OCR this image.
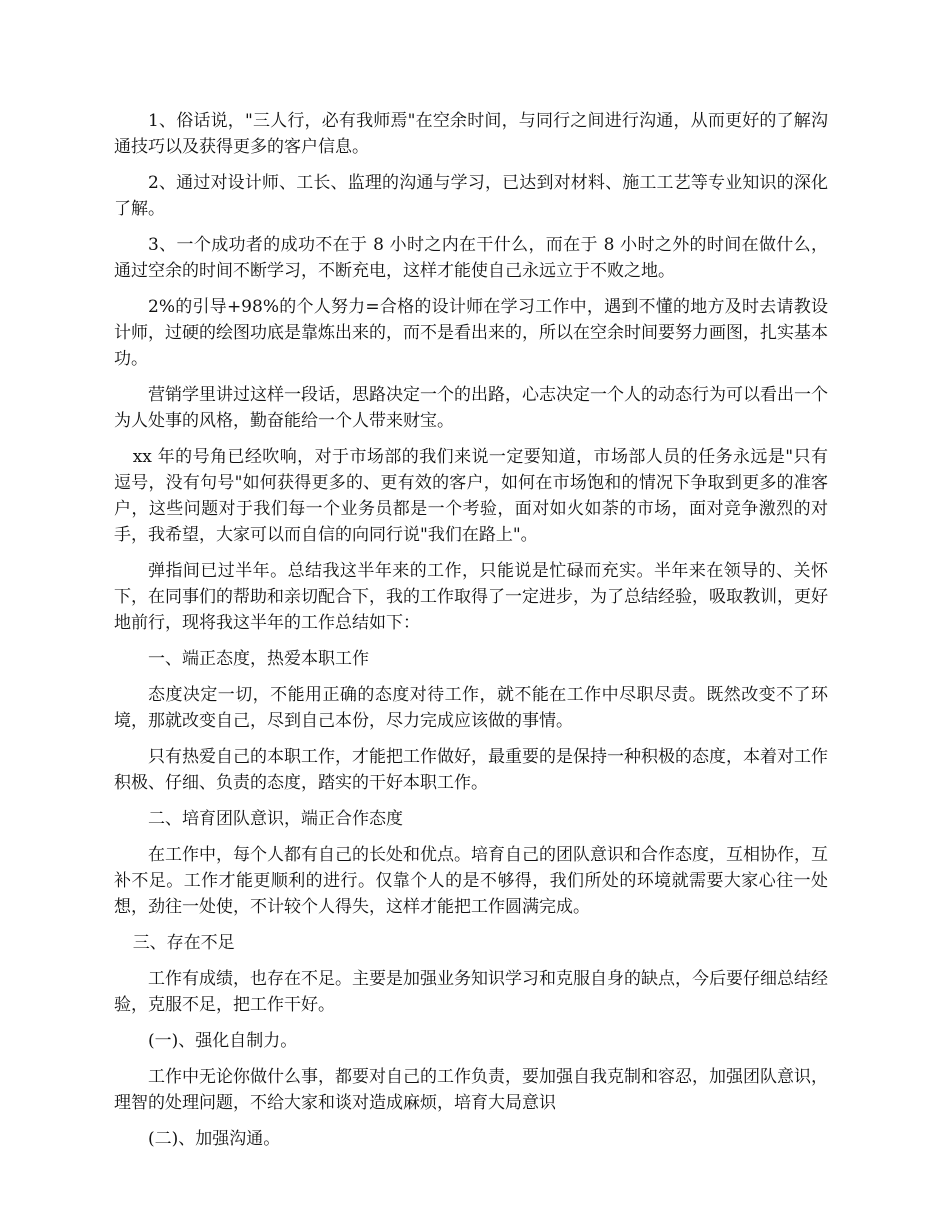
1、俗话说，"三人行，必有我师焉"在空余时间，与同行之间进行沟通，从而更好的了解沟通技巧以及获得更多的客户信息。

2、通过对设计师、工长、监理的沟通与学习，已达到对材料、施工工艺等专业知识的深化了解。

3、一个成功者的成功不在于 8 小时之内在干什么，而在于 8 小时之外的时间在做什么，通过空余的时间不断学习，不断充电，这样才能使自己永远立于不败之地。

2%的引导+98%的个人努力=合格的设计师在学习工作中，遇到不懂的地方及时去请教设计师，过硬的绘图功底是靠炼出来的，而不是看出来的，所以在空余时间要努力画图，扎实基本功。

营销学里讲过这样一段话，思路决定一个的出路，心志决定一个人的动态行为可以看出一个为人处事的风格，勤奋能给一个人带来财宝。

xx 年的号角已经吹响，对于市场部的我们来说一定要知道，市场部人员的任务永远是"只有逗号，没有句号"如何获得更多的、更有效的客户，如何在市场饱和的情况下争取到更多的准客户，这些问题对于我们每一个业务员都是一个考验，面对如火如荼的市场，面对竞争激烈的对手，我希望，大家可以而自信的向同行说"我们在路上"。

弹指间已过半年。总结我这半年来的工作，只能说是忙碌而充实。半年来在领导的、关怀下，在同事们的帮助和亲切配合下，我的工作取得了一定进步，为了总结经验，吸取教训，更好地前行，现将我这半年的工作总结如下：

一、端正态度，热爱本职工作

态度决定一切，不能用正确的态度对待工作，就不能在工作中尽职尽责。既然改变不了环境，那就改变自己，尽到自己本份，尽力完成应该做的事情。

只有热爱自己的本职工作，才能把工作做好，最重要的是保持一种积极的态度，本着对工作积极、仔细、负责的态度，踏实的干好本职工作。

二、培育团队意识，端正合作态度

在工作中，每个人都有自己的长处和优点。培育自己的团队意识和合作态度，互相协作，互补不足。工作才能更顺利的进行。仅靠个人的是不够得，我们所处的环境就需要大家心往一处想，劲往一处使，不计较个人得失，这样才能把工作圆满完成。

三、存在不足

工作有成绩，也存在不足。主要是加强业务知识学习和克服自身的缺点，今后要仔细总结经验，克服不足，把工作干好。

(一)、强化自制力。

工作中无论你做什么事，都要对自己的工作负责，要加强自我克制和容忍，加强团队意识，理智的处理问题，不给大家和谈对造成麻烦，培育大局意识

(二)、加强沟通。
